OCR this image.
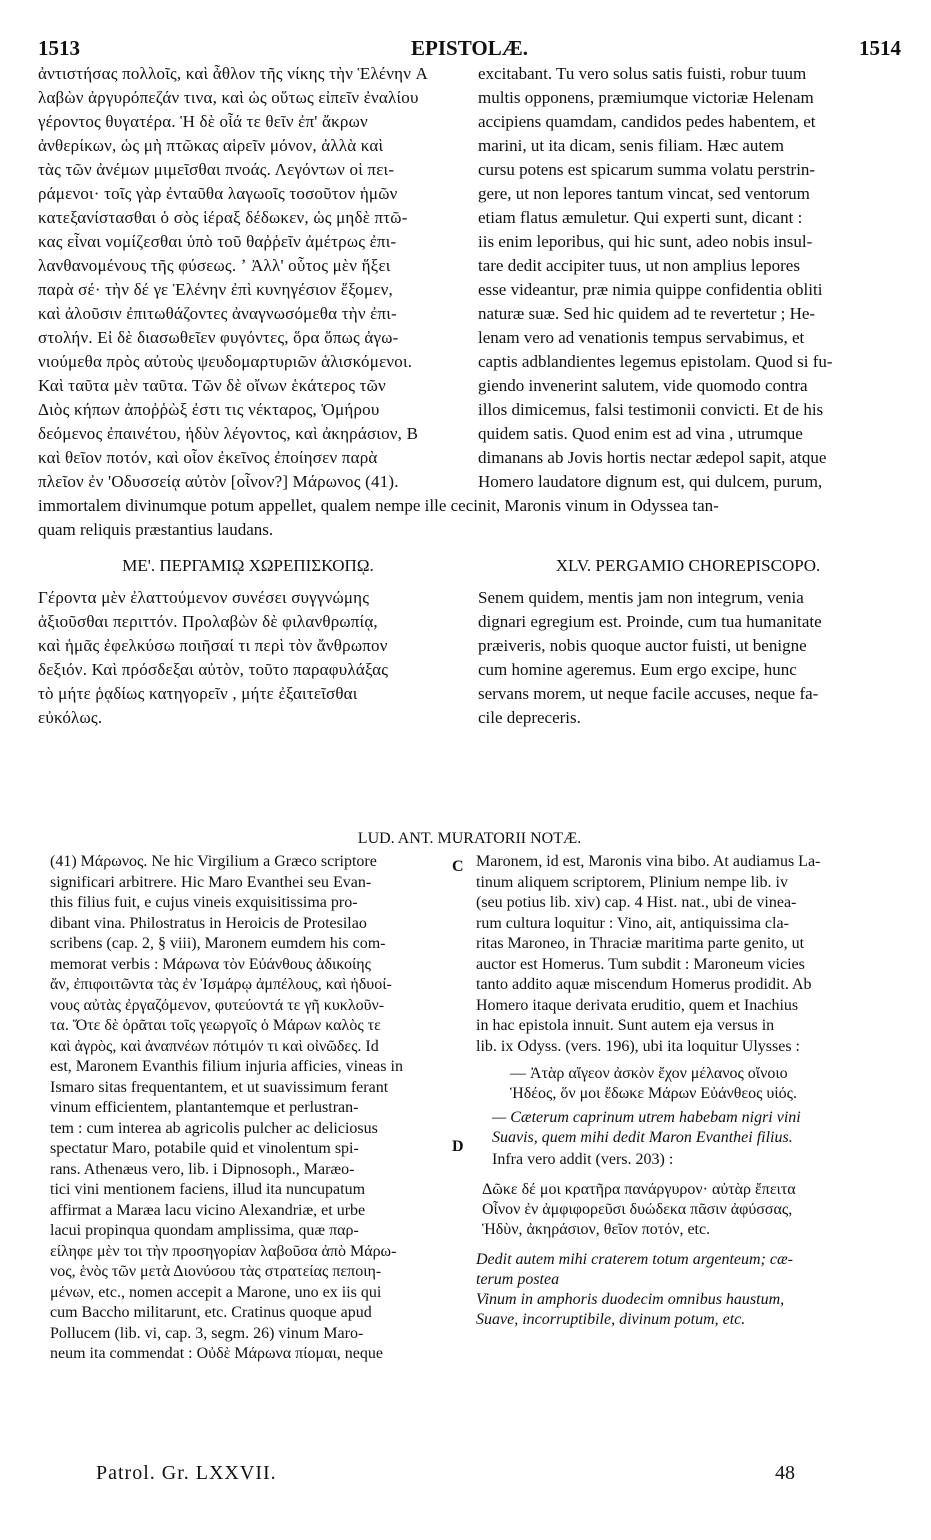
1513	EPISTOLÆ.	1514
ἀντιστήσας πολλοῖς, καὶ ἆθλον τῆς νίκης τὴν Ἑλένην A
λαβὼν ἀργυρόπεζάν τινα, καὶ ὡς οὕτως εἰπεῖν ἐναλίου
γέροντος θυγατέρα. Ἡ δὲ οἷά τε θεῖν ἐπ' ἄκρων
ἀνθερίκων, ὡς μὴ πτῶκας αἱρεῖν μόνον, ἀλλὰ καὶ
τὰς τῶν ἀνέμων μιμεῖσθαι πνοάς. Λεγόντων οἱ πει-
ράμενοι· τοῖς γὰρ ἐνταῦθα λαγωοῖς τοσοῦτον ἡμῶν
κατεξανίστασθαι ὁ σὸς ἱέραξ δέδωκεν, ὡς μηδὲ πτῶ-
κας εἶναι νομίζεσθαι ὑπὸ τοῦ θαῤῥεῖν ἀμέτρως ἐπι-
λανθανομένους τῆς φύσεως. ʼ Ἀλλ' οὗτος μὲν ἥξει
παρὰ σέ· τὴν δέ γε Ἑλένην ἐπὶ κυνηγέσιον ἕξομεν,
καὶ ἀλοῦσιν ἐπιτωθάζοντες ἀναγνωσόμεθα τὴν ἐπι-
στολήν. Εἰ δὲ διασωθεῖεν φυγόντες, ὅρα ὅπως ἀγω-
νιούμεθα πρὸς αὐτοὺς ψευδομαρτυριῶν ἁλισκόμενοι.
Καὶ ταῦτα μὲν ταῦτα. Τῶν δὲ οἴνων ἑκάτερος τῶν
Διὸς κήπων ἀποῤῥὼξ ἐστι τις νέκταρος, Ὁμήρου
δεόμενος ἐπαινέτου, ἡδὺν λέγοντος, καὶ ἀκηράσιον, B
καὶ θεῖον ποτόν, καὶ οἷον ἐκεῖνος ἐποίησεν παρὰ
πλεῖον ἐν 'Οδυσσείᾳ αὐτὸν [οἶνον?] Μάρωνος (41).
excitabant. Tu vero solus satis fuisti, robur tuum
multis opponens, præmiumque victoriæ Helenam
accipiens quamdam, candidos pedes habentem, et
marini, ut ita dicam, senis filiam. Hæc autem
cursu potens est spicarum summa volatu perstrin-
gere, ut non lepores tantum vincat, sed ventorum
etiam flatus æmuletur. Qui experti sunt, dicant :
iis enim leporibus, qui hic sunt, adeo nobis insul-
tare dedit accipiter tuus, ut non amplius lepores
esse videantur, præ nimia quippe confidentia obliti
naturæ suæ. Sed hic quidem ad te revertetur ; He-
lenam vero ad venationis tempus servabimus, et
captis adblandientes legemus epistolam. Quod si fu-
giendo invenerint salutem, vide quomodo contra
illos dimicemus, falsi testimonii convicti. Et de his
quidem satis. Quod enim est ad vina , utrumque
dimanans ab Jovis hortis nectar ædepol sapit, atque
Homero laudatore dignum est, qui dulcem, purum,
immortalem divinumque potum appellet, qualem nempe ille cecinit, Maronis vinum in Odyssea tan-
quam reliquis præstantius laudans.
ΜΕ'. ΠΕΡΓΑΜΙῼ ΧΩΡΕΠΙΣΚΟΠῼ.	XLV. PERGAMIO CHOREPISCOPO.
Γέροντα μὲν ἐλαττούμενον συνέσει συγγνώμης
ἀξιοῦσθαι περιττόν. Προλαβὼν δὲ φιλανθρωπίᾳ,
καὶ ἡμᾶς ἐφελκύσω ποιῆσαί τι περὶ τὸν ἄνθρωπον
δεξιόν. Καὶ πρόσδεξαι αὐτὸν, τοῦτο παραφυλάξας
τὸ μήτε ῥᾳδίως κατηγορεῖν , μήτε ἐξαιτεῖσθαι
εὐκόλως.
Senem quidem, mentis jam non integrum, venia
dignari egregium est. Proinde, cum tua humanitate
præiveris, nobis quoque auctor fuisti, ut benigne
cum homine ageremus. Eum ergo excipe, hunc
servans morem, ut neque facile accuses, neque fa-
cile depreceris.
LUD. ANT. MURATORII NOTÆ.
(41) Μάρωνος. Ne hic Virgilium a Græco scriptore
significari arbitrere. Hic Maro Evanthei seu Evan-
this filius fuit, e cujus vineis exquisitissima pro-
dibant vina. Philostratus in Heroicis de Protesilao
scribens (cap. 2, § viii), Maronem eumdem his com-
memorat verbis : Μάρωνα τὸν Εὐάνθους ἀδικοίης
ἄν, ἐπιφοιτῶντα τὰς ἐν Ἰσμάρῳ ἀμπέλους, καὶ ἡδυοί-
νους αὐτὰς ἐργαζόμενον, φυτεύοντά τε γῆ κυκλοῦν-
τα. Ὅτε δὲ ὁρᾶται τοῖς γεωργοῖς ὁ Μάρων καλὸς τε
καὶ ἀγρὸς, καὶ ἀναπνέων πότιμόν τι καὶ οἰνῶδες. Id
est, Maronem Evanthis filium injuria afficies, vineas in
Ismaro sitas frequentantem, et ut suavissimum ferant
vinum efficientem, plantantemque et perlustran-
tem : cum interea ab agricolis pulcher ac deliciosus
spectatur Maro, potabile quid et vinolentum spi-
rans. Athenæus vero, lib. i Dipnosoph., Maræo-
tici vini mentionem faciens, illud ita nuncupatum
affirmat a Maræa lacu vicino Alexandriæ, et urbe
lacui propinqua quondam amplissima, quæ παρ-
είληφε μὲν τοι τὴν προσηγορίαν λαβοῦσα ἀπὸ Μάρω-
νος, ἑνὸς τῶν μετὰ Διονύσου τὰς στρατείας πεποιη-
μένων, etc., nomen accepit a Marone, uno ex iis qui
cum Baccho militarunt, etc. Cratinus quoque apud
Pollucem (lib. vi, cap. 3, segm. 26) vinum Maro-
neum ita commendat : Οὐδὲ Μάρωνα πίομαι, neque
C
D
Maronem, id est, Maronis vina bibo. At audiamus La-
tinum aliquem scriptorem, Plinium nempe lib. iv
(seu potius lib. xiv) cap. 4 Hist. nat., ubi de vinea-
rum cultura loquitur : Vino, ait, antiquissima cla-
ritas Maroneo, in Thraciæ maritima parte genito, ut
auctor est Homerus. Tum subdit : Maroneum vicies
tanto addito aquæ miscendum Homerus prodidit. Ab
Homero itaque derivata eruditio, quem et Inachius
in hac epistola innuit. Sunt autem eja versus in
lib. ix Odyss. (vers. 196), ubi ita loquitur Ulysses :
— Ἀτὰρ αἴγεον ἀσκὸν ἔχον μέλανος οἴνοιο
Ἡδέος, ὅν μοι ἔδωκε Μάρων Εὐάνθεος υἱός.
— Cæterum caprinum utrem habebam nigri vini
Suavis, quem mihi dedit Maron Evanthei filius.
Infra vero addit (vers. 203) :
Δῶκε δέ μοι κρατῆρα πανάργυρον· αὐτὰρ ἔπειτα
Οἶνον ἐν ἀμφιφορεῦσι δυώδεκα πᾶσιν ἀφύσσας,
Ἡδὺν, ἀκηράσιον, θεῖον ποτόν, etc.
Dedit autem mihi craterem totum argenteum; cæ-
terum postea
Vinum in amphoris duodecim omnibus haustum,
Suave, incorruptibile, divinum potum, etc.
Patrol. Gr. LXXVII.	48
